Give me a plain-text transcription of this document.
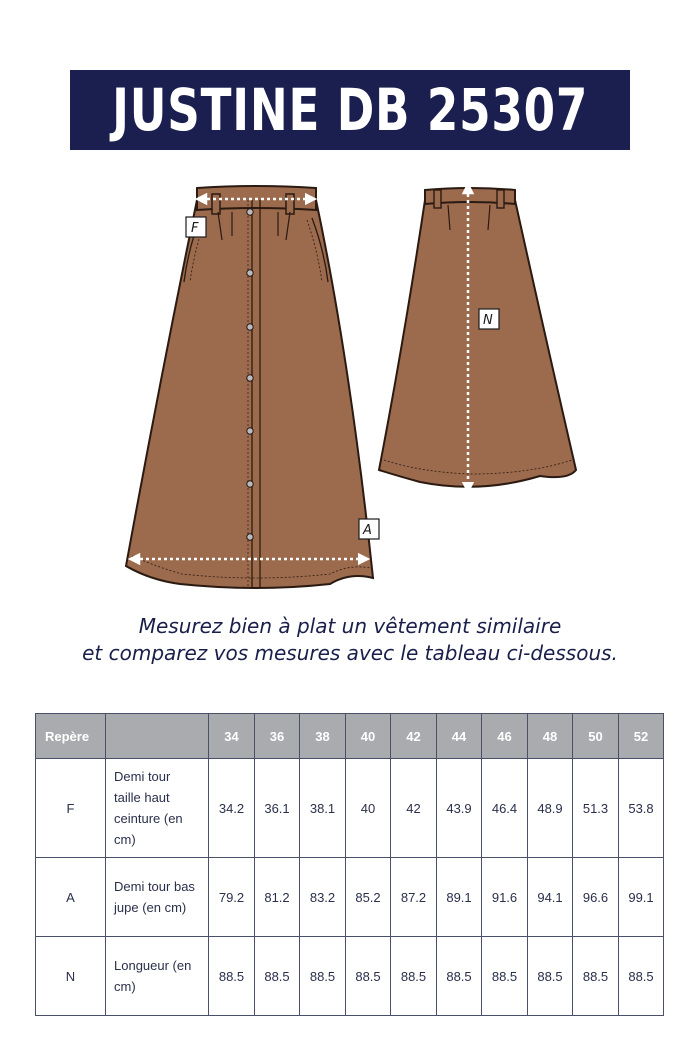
JUSTINE DB 25307
F
N
A
Mesurez bien à plat un vêtement similaire
et comparez vos mesures avec le tableau ci-dessous.
Repère		34	36	38	40	42	44	46	48	50	52
F	Demi tour taille haut ceinture (en cm)	34.2	36.1	38.1	40	42	43.9	46.4	48.9	51.3	53.8
A	Demi tour bas jupe (en cm)	79.2	81.2	83.2	85.2	87.2	89.1	91.6	94.1	96.6	99.1
N	Longueur (en cm)	88.5	88.5	88.5	88.5	88.5	88.5	88.5	88.5	88.5	88.5
